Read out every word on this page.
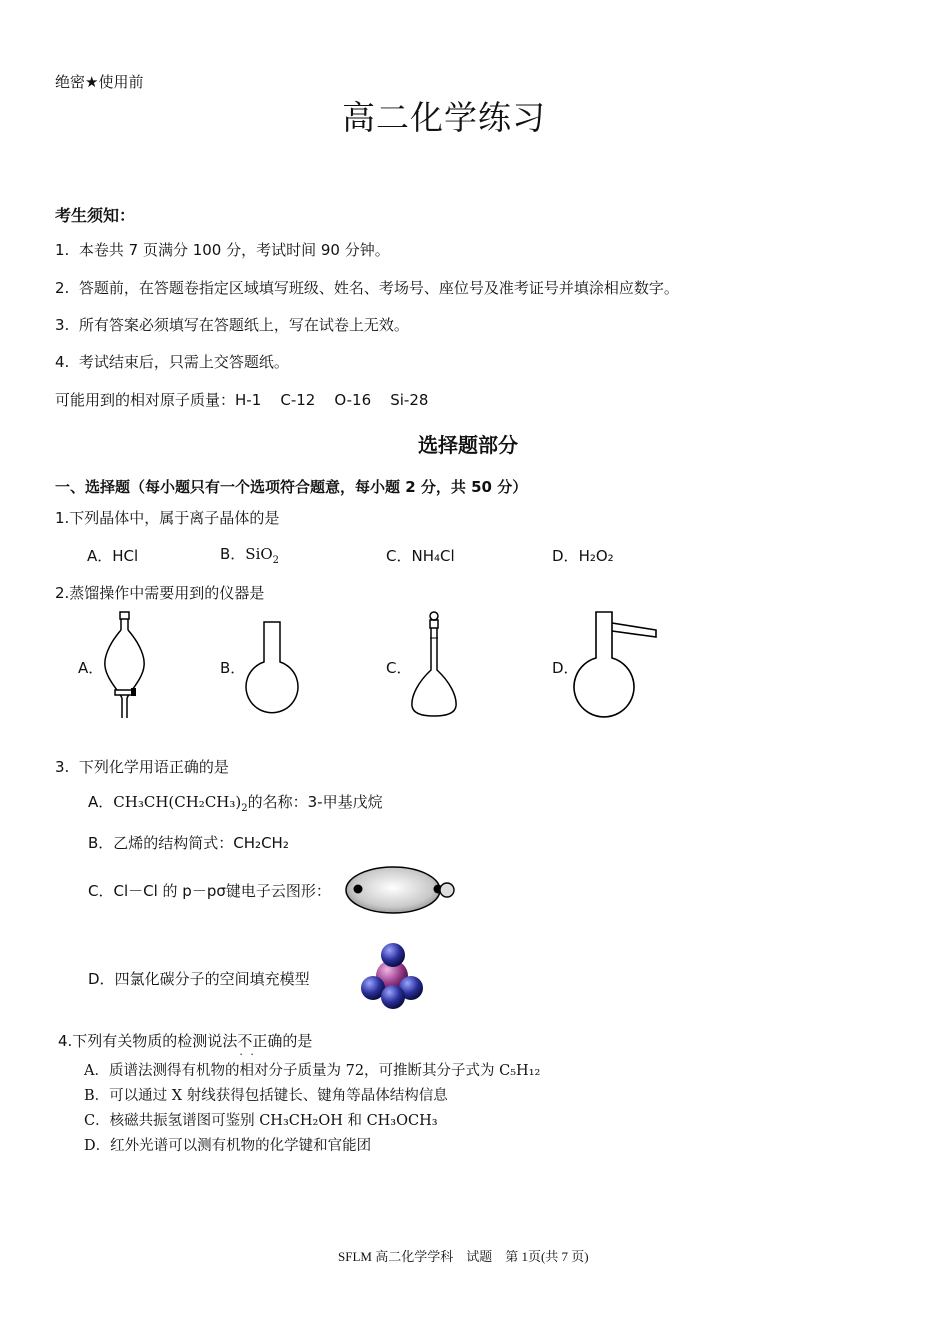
绝密★使用前
高二化学练习
考生须知：
1. 本卷共 7 页满分 100 分，考试时间 90 分钟。
2. 答题前，在答题卷指定区域填写班级、姓名、考场号、座位号及准考证号并填涂相应数字。
3. 所有答案必须填写在答题纸上，写在试卷上无效。
4. 考试结束后，只需上交答题纸。
可能用到的相对原子质量：H-1 C-12 O-16 Si-28
选择题部分
一、选择题（每小题只有一个选项符合题意，每小题 2 分，共 50 分）
1.下列晶体中，属于离子晶体的是
A．HCl	B．SiO$_2$	C．NH₄Cl	D．H₂O₂
2.蒸馏操作中需要用到的仪器是
A．	B．	C．	D．
3. 下列化学用语正确的是
A．$CH_3CH(CH_2CH_3)_2$的名称：3-甲基戊烷
B．乙烯的结构简式：CH₂CH₂
C．Cl－Cl 的 p－pσ键电子云图形：
D．四氯化碳分子的空间填充模型
4.下列有关物质的检测说法不正 · ·确的是
A．质谱法测得有机物的相对分子质量为 72，可推断其分子式为 C₅H₁₂
B．可以通过 X 射线获得包括键长、键角等晶体结构信息
C．核磁共振氢谱图可鉴别 CH₃CH₂OH 和 CH₃OCH₃
D．红外光谱可以测有机物的化学键和官能团
SFLM 高二化学学科　试题　第 1页(共 7 页)
